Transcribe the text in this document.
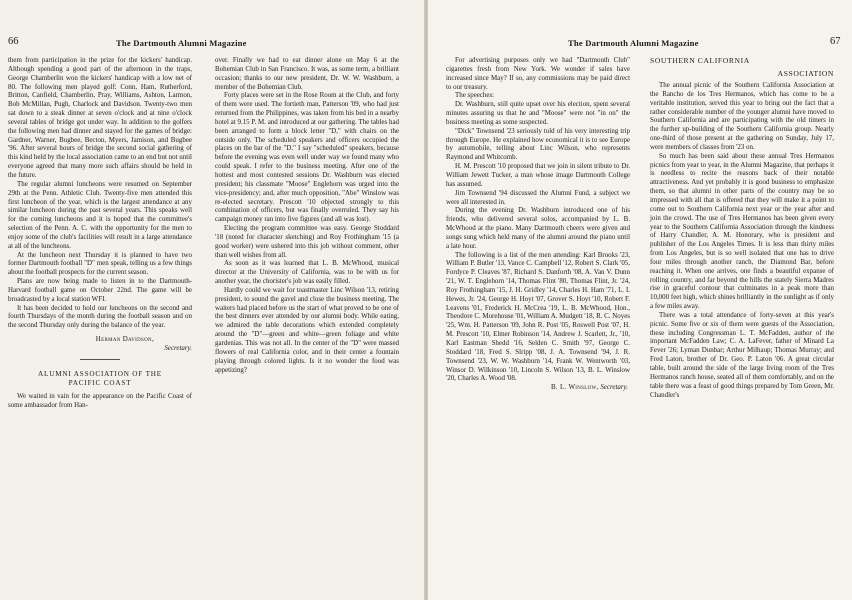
66	The Dartmouth Alumni Magazine

them from participation in the prize for the kickers' handicap. Although spending a good part of the afternoon in the traps, George Chamberlin won the kickers' handicap with a low net of 80. The following men played golf: Conn, Ham, Rutherford, Britton, Canfield, Chamberlin, Pray, Williams, Ashton, Larmon, Bob McMillan, Pugh, Charlock and Davidson. Twenty-two men sat down to a steak dinner at seven o'clock and at nine o'clock several tables of bridge got under way. In addition to the golfers the following men had dinner and stayed for the games of bridge: Gardner, Warner, Bugbee, Becton, Myers, Jamison, and Bugbee '96. After several hours of bridge the second social gathering of this kind held by the local association came to an end but not until everyone agreed that many more such affairs should be held in the future.

The regular alumni luncheons were resumed on September 29th at the Penn. Athletic Club. Twenty-five men attended this first luncheon of the year, which is the largest attendance at any similar luncheon during the past several years. This speaks well for the coming luncheons and it is hoped that the committee's selection of the Penn. A. C. with the opportunity for the men to enjoy some of the club's facilities will result in a large attendance at all of the luncheons.

At the luncheon next Thursday it is planned to have two former Dartmouth football "D" men speak, telling us a few things about the football prospects for the current season.

Plans are now being made to listen in to the Dartmouth-Harvard football game on October 22nd. The game will be broadcasted by a local station WFI.

It has been decided to hold our luncheons on the second and fourth Thursdays of the month during the football season and on the second Thursday only during the balance of the year.

Herman Davidson,

Secretary.

ALUMNI ASSOCIATION OF THE
PACIFIC COAST

We waited in vain for the appearance on the Pacific Coast of some ambassador from Han-

over. Finally we had to eat dinner alone on May 6 at the Bohemian Club in San Francisco. It was, as some term, a brilliant occasion; thanks to our new president, Dr. W. W. Washburn, a member of the Bohemian Club.

Forty places were set in the Rose Room at the Club, and forty of them were used. The fortieth man, Patterson '09, who had just returned from the Philippines, was taken from his bed in a nearby hotel at 9.15 P. M. and introduced at our gathering. The tables had been arranged to form a block letter "D," with chairs on the outside only. The scheduled speakers and officers occupied the places on the bar of the "D." I say "scheduled" speakers, because before the evening was even well under way we found many who could speak. I refer to the business meeting. After one of the hottest and most contested sessions Dr. Washburn was elected president; his classmate "Moose" Englehorn was urged into the vice-presidency; and, after much opposition, "Abe" Winslow was re-elected secretary. Prescott '10 objected strongly to this combination of officers, but was finally overruled. They say his campaign money ran into five figures (and all was lost).

Electing the program committee was easy. George Stoddard '18 (noted for character sketching) and Roy Frothingham '15 (a good worker) were ushered into this job without comment, other than well wishes from all.

As soon as it was learned that L. B. McWhood, musical director at the University of California, was to be with us for another year, the chorister's job was easily filled.

Hardly could we wait for toastmaster Linc Wilson '13, retiring president, to sound the gavel and close the business meeting. The waiters had placed before us the start of what proved to be one of the best dinners ever attended by our alumni body. While eating, we admired the table decorations which extended completely around the "D"—green and white—green foliage and white gardenias. This was not all. In the center of the "D" were massed flowers of real California color, and in their center a fountain playing through colored lights. Is it no wonder the food was appetizing?

The Dartmouth Alumni Magazine	67

For advertising purposes only we had "Dartmouth Club" cigarettes fresh from New York. We wonder if sales have increased since May? If so, any commissions may be paid direct to our treasury.

The speeches:

Dr. Washburn, still quite upset over his election, spent several minutes assuring us that he and "Moose" were not "in on" the business meeting as some suspected.

"Dick" Townsend '23 seriously told of his very interesting trip through Europe. He explained how economical it is to see Europe by automobile, telling about Linc Wilson, who represents Raymond and Whitcomb.

H. M. Prescott '10 proposed that we join in silent tribute to Dr. William Jewett Tucker, a man whose image Dartmouth College has assumed.

Jim Townsend '94 discussed the Alumni Fund, a subject we were all interested in.

During the evening Dr. Washburn introduced one of his friends, who delivered several solos, accompanied by L. B. McWhood at the piano. Many Dartmouth cheers were given and songs sung which held many of the alumni around the piano until a late hour.

The following is a list of the men attending: Karl Brooks '23, William P. Butler '13, Vance C. Campbell '12, Robert S. Clark '05, Fordyce P. Cleaves '87, Richard S. Danforth '08, A. Van V. Dunn '21, W. T. Englehorn '14, Thomas Flint '80, Thomas Flint, Jr. '24, Roy Frothingham '15, J. H. Gridley '14, Charles H. Ham '71, L. I. Hewes, Jr. '24, George H. Hoyt '07, Grover S. Hoyt '10, Robert F. Leavens '01, Frederick H. McCrea '19, L. B. McWhood, Hon., Theodore C. Morehouse '01, William A. Mudgett '18, R. C. Noyes '25, Wm. H. Patterson '09, John R. Post '05, Roswell Post '07, H. M. Prescott '10, Elmer Robinson '14, Andrew J. Scarlett, Jr., '10, Karl Eastman Shedd '16, Selden C. Smith '97, George C. Stoddard '18, Fred S. Slripp '08, J. A. Townsend '94, J. R. Townsend '23, W. W. Washburn '14, Frank W. Wentworth '03, Winsor D. Wilkinson '10, Lincoln S. Wilson '13, B. L. Winslow '20, Charles A. Wood '08.

B. L. Winslow, Secretary.

SOUTHERN CALIFORNIA
ASSOCIATION

The annual picnic of the Southern California Association at the Rancho de los Tres Hermanos, which has come to be a veritable institution, served this year to bring out the fact that a rather considerable number of the younger alumni have moved to Southern California and are participating with the old timers in the further up-building of the Southern California group. Nearly one-third of those present at the gathering on Sunday, July 17, were members of classes from '23 on.

So much has been said about these annual Tres Hermanos picnics from year to year, in the Alumni Magazine, that perhaps it is needless to recite the reasons back of their notable attractiveness. And yet probably it is good business to emphasize them, so that alumni in other parts of the country may be so impressed with all that is offered that they will make it a point to come out to Southern California next year or the year after and join the crowd. The use of Tres Hermanos has been given every year to the Southern California Association through the kindness of Harry Chandler, A. M. Honorary, who is president and publisher of the Los Angeles Times. It is less than thirty miles from Los Angeles, but is so well isolated that one has to drive four miles through another ranch, the Diamond Bar, before reaching it. When one arrives, one finds a beautiful expanse of rolling country, and far beyond the hills the stately Sierra Madres rise in graceful contour that culminates in a peak more than 10,000 feet high, which shines brilliantly in the sunlight as if only a few miles away.

There was a total attendance of forty-seven at this year's picnic. Some five or six of them were guests of the Association, these including Congressman L. T. McFadden, author of the important McFadden Law; C. A. LaFever, father of Minard La Fever '26; Lyman Dunbar; Arthur Milhaup; Thomas Murray; and Fred Laton, brother of Dr. Geo. P. Laton '06. A great circular table, built around the side of the large living room of the Tres Hermanos ranch house, seated all of them comfortably, and on the table there was a feast of good things prepared by Tom Green, Mr. Chandler's
